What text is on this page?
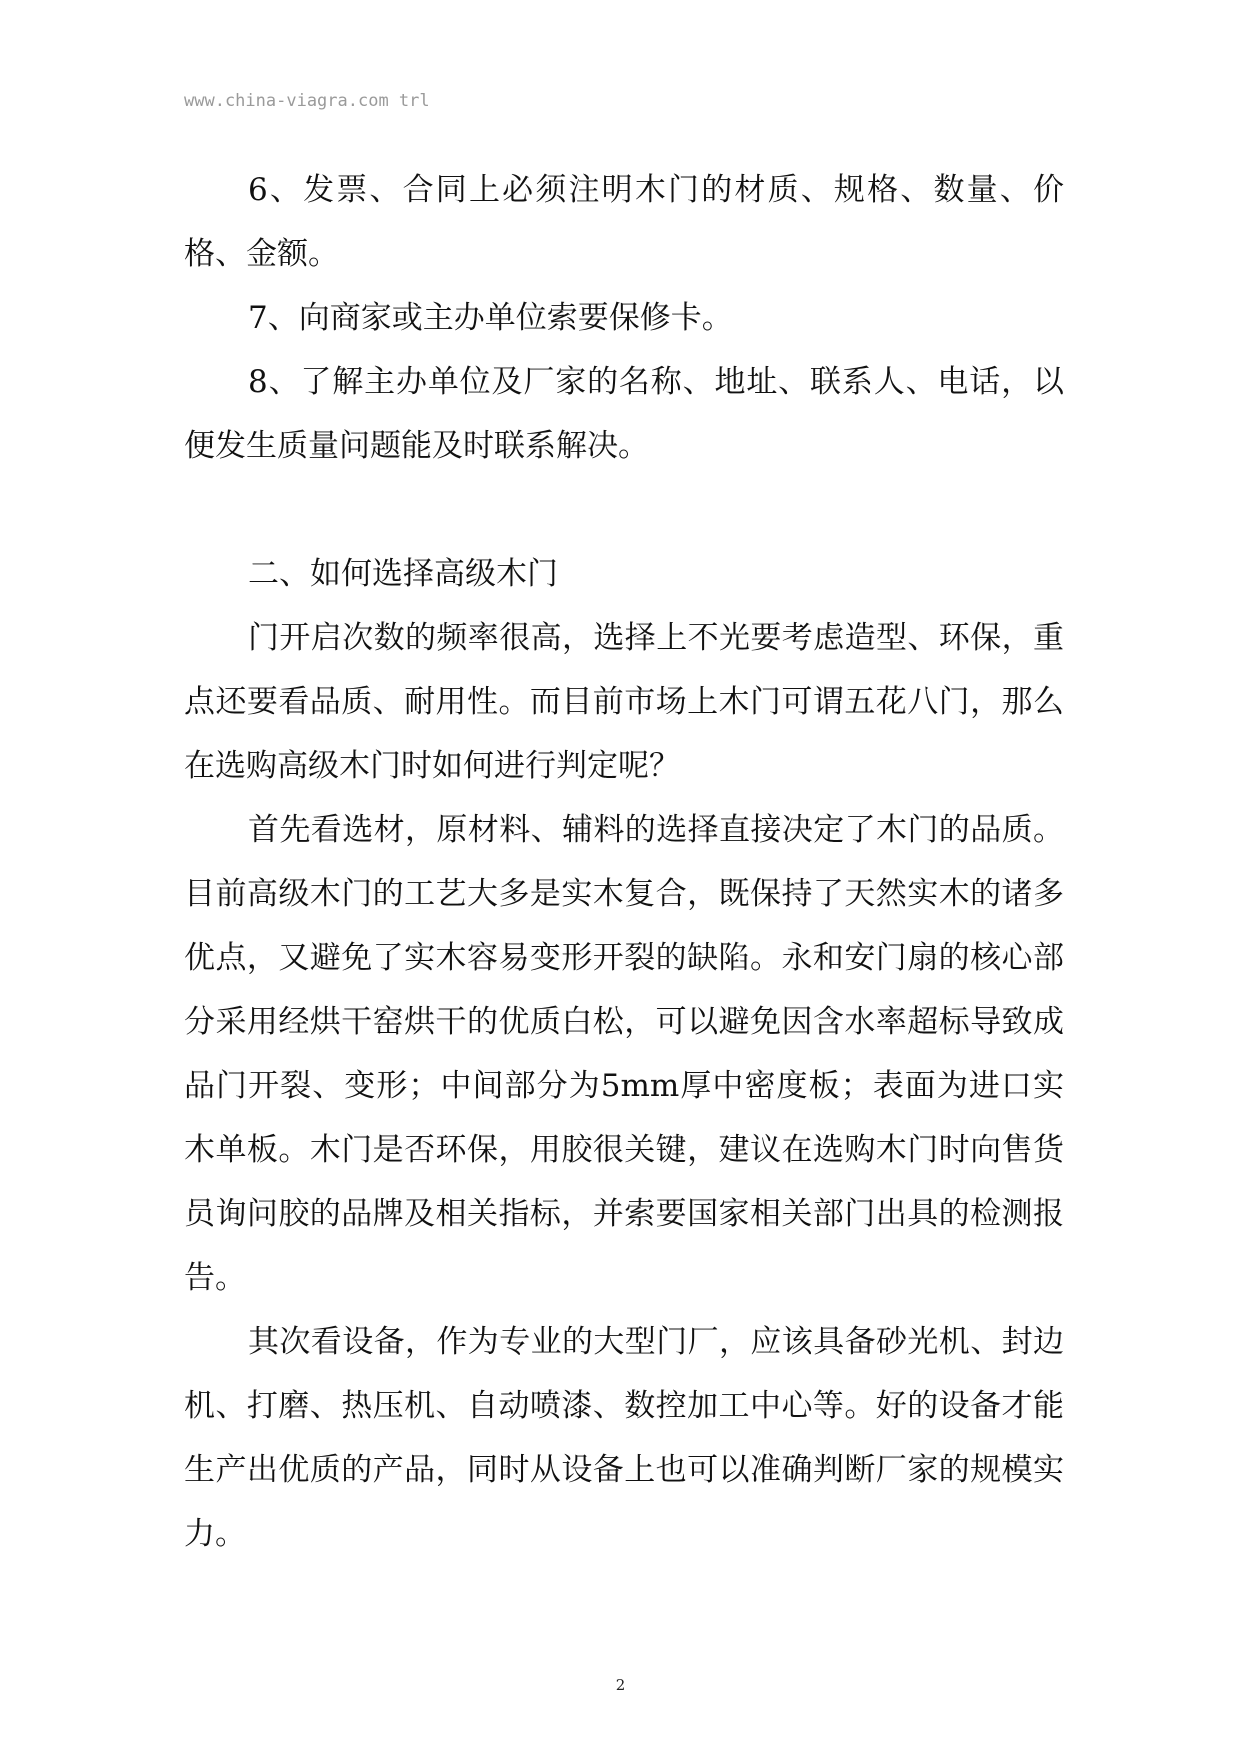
www.china-viagra.com trl

6、发票、合同上必须注明木门的材质、规格、数量、价格、金额。

7、向商家或主办单位索要保修卡。

8、了解主办单位及厂家的名称、地址、联系人、电话，以便发生质量问题能及时联系解决。

二、如何选择高级木门

门开启次数的频率很高，选择上不光要考虑造型、环保，重点还要看品质、耐用性。而目前市场上木门可谓五花八门，那么在选购高级木门时如何进行判定呢？

首先看选材，原材料、辅料的选择直接决定了木门的品质。目前高级木门的工艺大多是实木复合，既保持了天然实木的诸多优点，又避免了实木容易变形开裂的缺陷。永和安门扇的核心部分采用经烘干窑烘干的优质白松，可以避免因含水率超标导致成品门开裂、变形；中间部分为5mm厚中密度板；表面为进口实木单板。木门是否环保，用胶很关键，建议在选购木门时向售货员询问胶的品牌及相关指标，并索要国家相关部门出具的检测报告。

其次看设备，作为专业的大型门厂，应该具备砂光机、封边机、打磨、热压机、自动喷漆、数控加工中心等。好的设备才能生产出优质的产品，同时从设备上也可以准确判断厂家的规模实力。

2
